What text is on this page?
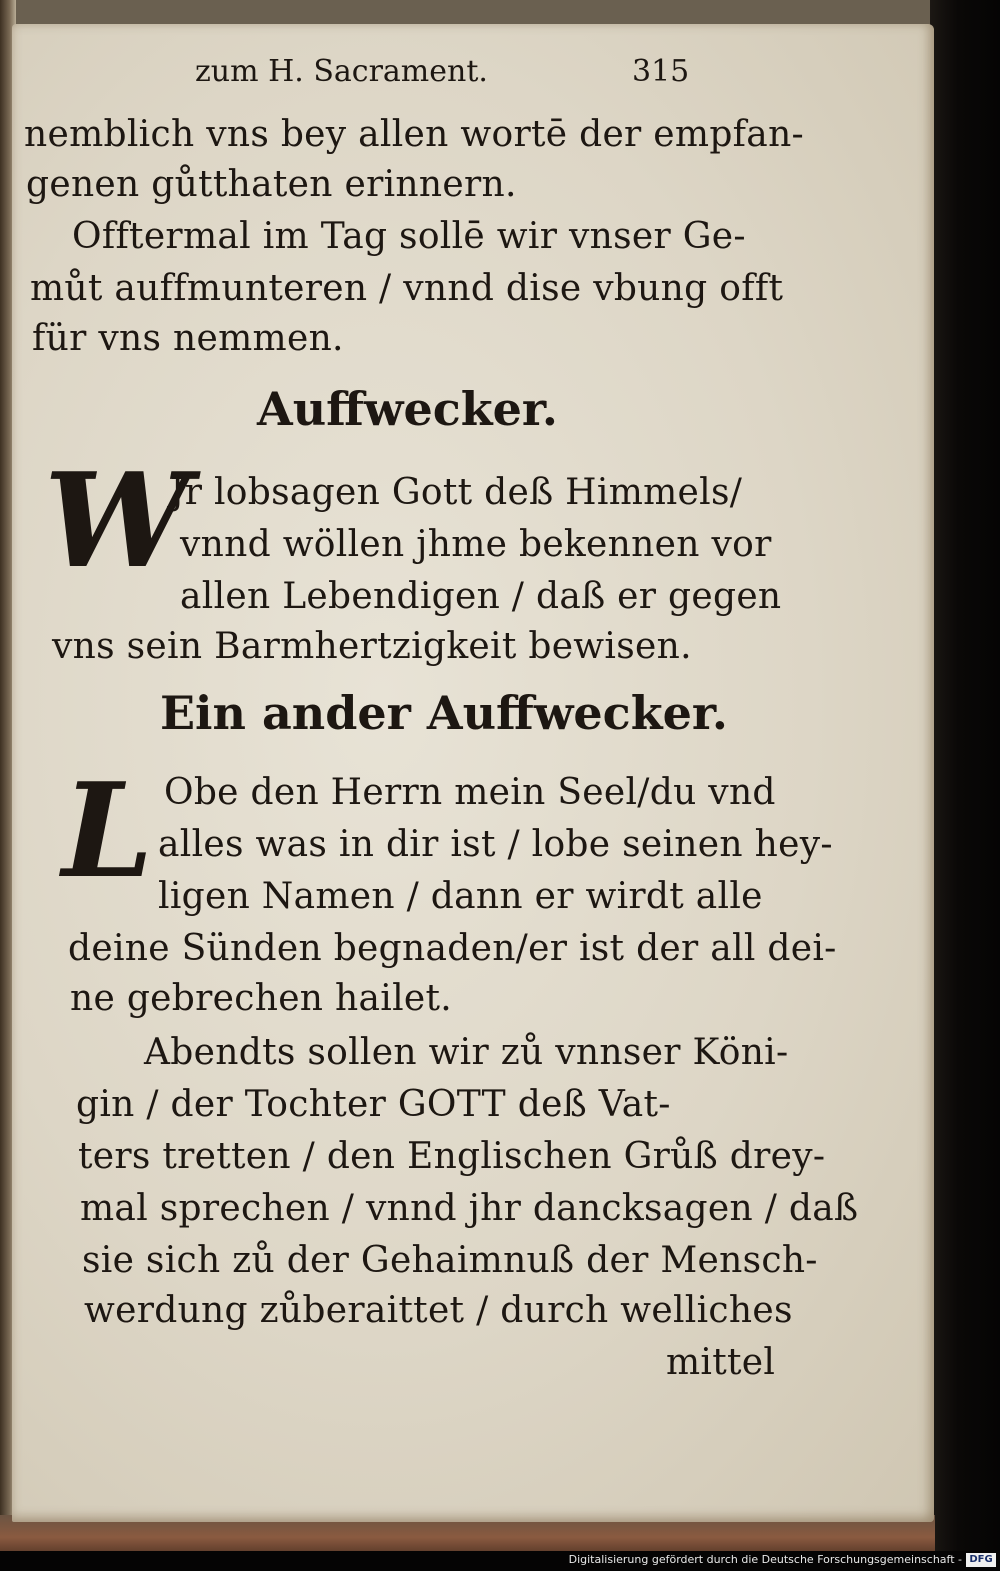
zum H. Sacrament.	315
nemblich vns bey allen wortē der empfan-
genen gůtthaten erinnern.
Offtermal im Tag sollē wir vnser Ge-
můt auffmunteren / vnnd dise vbung offt
für vns nemmen.
Auffwecker.
W
Jr lobsagen Gott deß Himmels/
vnnd wöllen jhme bekennen vor
allen Lebendigen / daß er gegen
vns sein Barmhertzigkeit bewisen.
Ein ander Auffwecker.
L Obe den Herrn mein Seel/du vnd
alles was in dir ist / lobe seinen hey-
ligen Namen / dann er wirdt alle
deine Sünden begnaden/er ist der all dei-
ne gebrechen hailet.
Abendts sollen wir zů vnnser Köni-
gin / der Tochter GOTT deß Vat-
ters tretten / den Englischen Grůß drey-
mal sprechen / vnnd jhr dancksagen / daß
sie sich zů der Gehaimnuß der Mensch-
werdung zůberaittet / durch welliches
mittel
Digitalisierung gefördert durch die Deutsche Forschungsgemeinschaft - DFG
